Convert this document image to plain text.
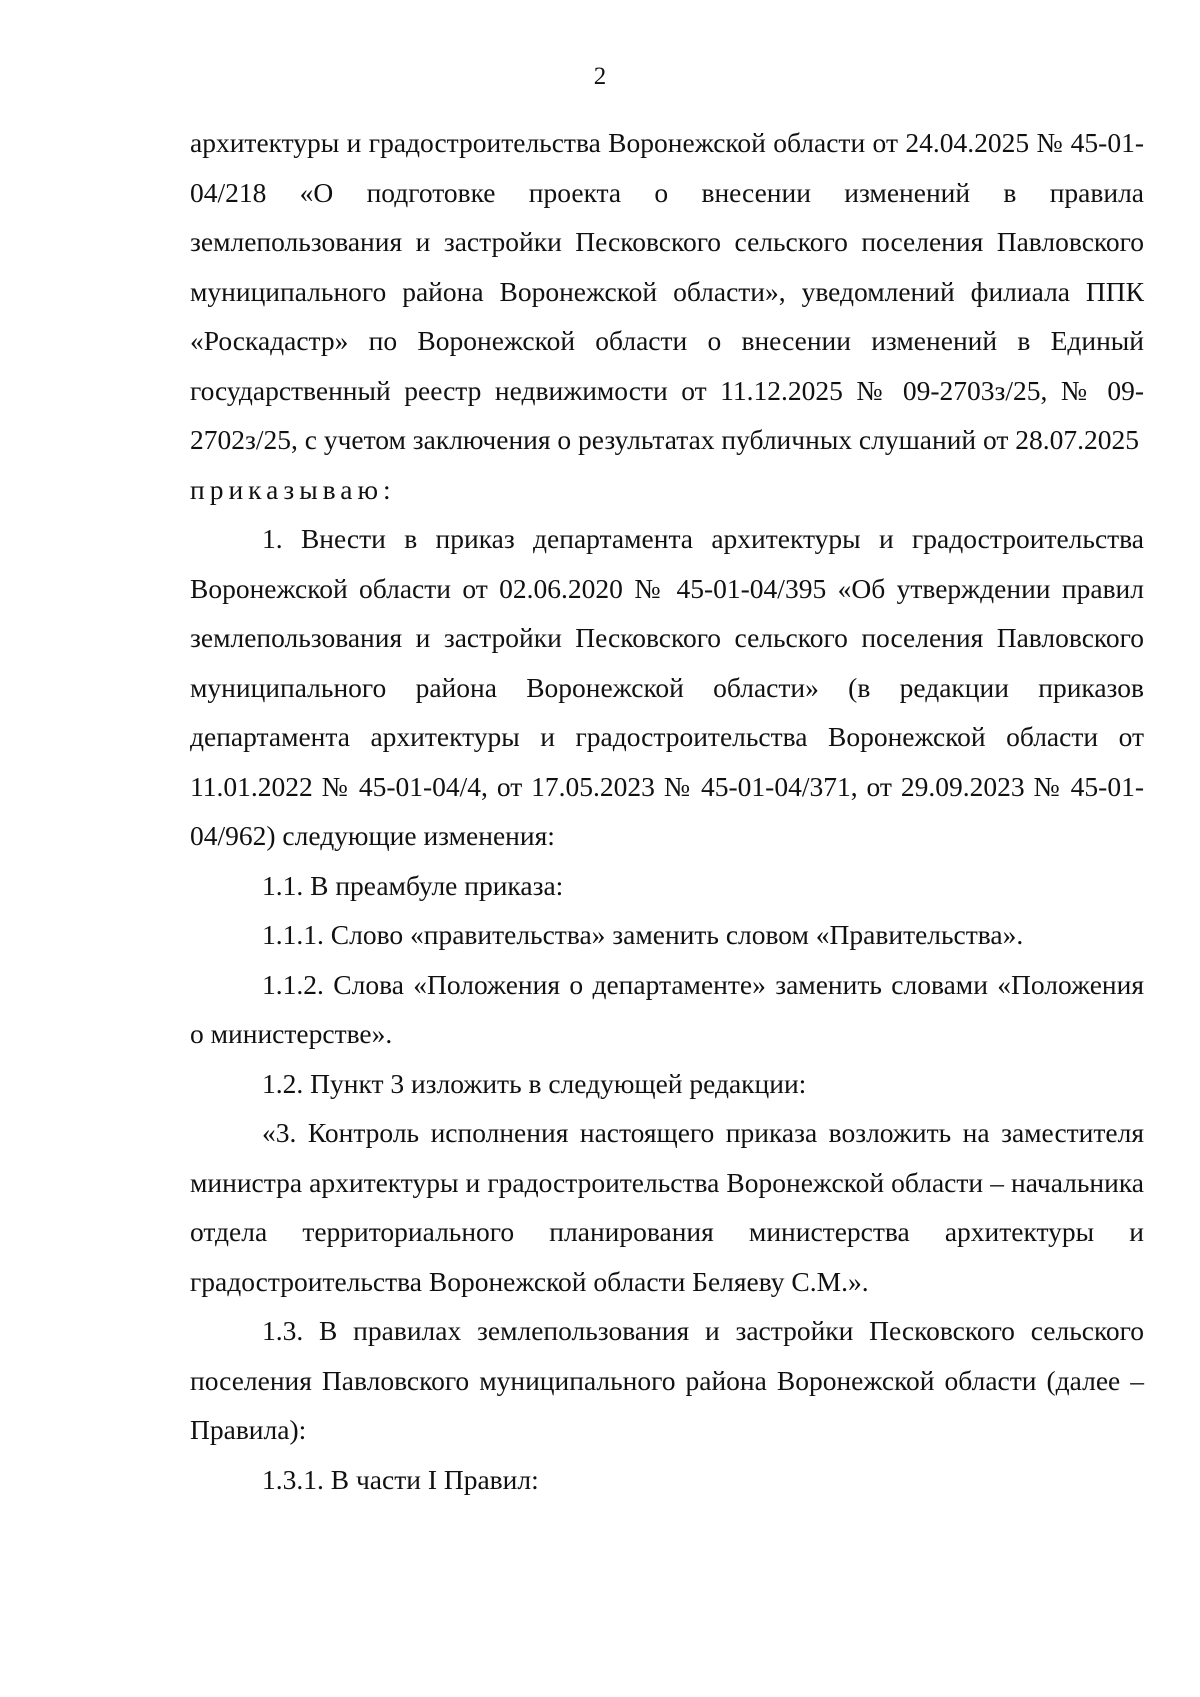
2

архитектуры и градостроительства Воронежской области от 24.04.2025 № 45-01-04/218 «О подготовке проекта о внесении изменений в правила землепользования и застройки Песковского сельского поселения Павловского муниципального района Воронежской области», уведомлений филиала ППК «Роскадастр» по Воронежской области о внесении изменений в Единый государственный реестр недвижимости от 11.12.2025 № 09-2703з/25, № 09-2702з/25, с учетом заключения о результатах публичных слушаний от 28.07.2025

приказываю:

1. Внести в приказ департамента архитектуры и градостроительства Воронежской области от 02.06.2020 № 45-01-04/395 «Об утверждении правил землепользования и застройки Песковского сельского поселения Павловского муниципального района Воронежской области» (в редакции приказов департамента архитектуры и градостроительства Воронежской области от 11.01.2022 № 45-01-04/4, от 17.05.2023 № 45-01-04/371, от 29.09.2023 № 45-01-04/962) следующие изменения:

1.1. В преамбуле приказа:

1.1.1. Слово «правительства» заменить словом «Правительства».

1.1.2. Слова «Положения о департаменте» заменить словами «Положения о министерстве».

1.2. Пункт 3 изложить в следующей редакции:

«3. Контроль исполнения настоящего приказа возложить на заместителя министра архитектуры и градостроительства Воронежской области – начальника отдела территориального планирования министерства архитектуры и градостроительства Воронежской области Беляеву С.М.».

1.3. В правилах землепользования и застройки Песковского сельского поселения Павловского муниципального района Воронежской области (далее – Правила):

1.3.1. В части I Правил:
